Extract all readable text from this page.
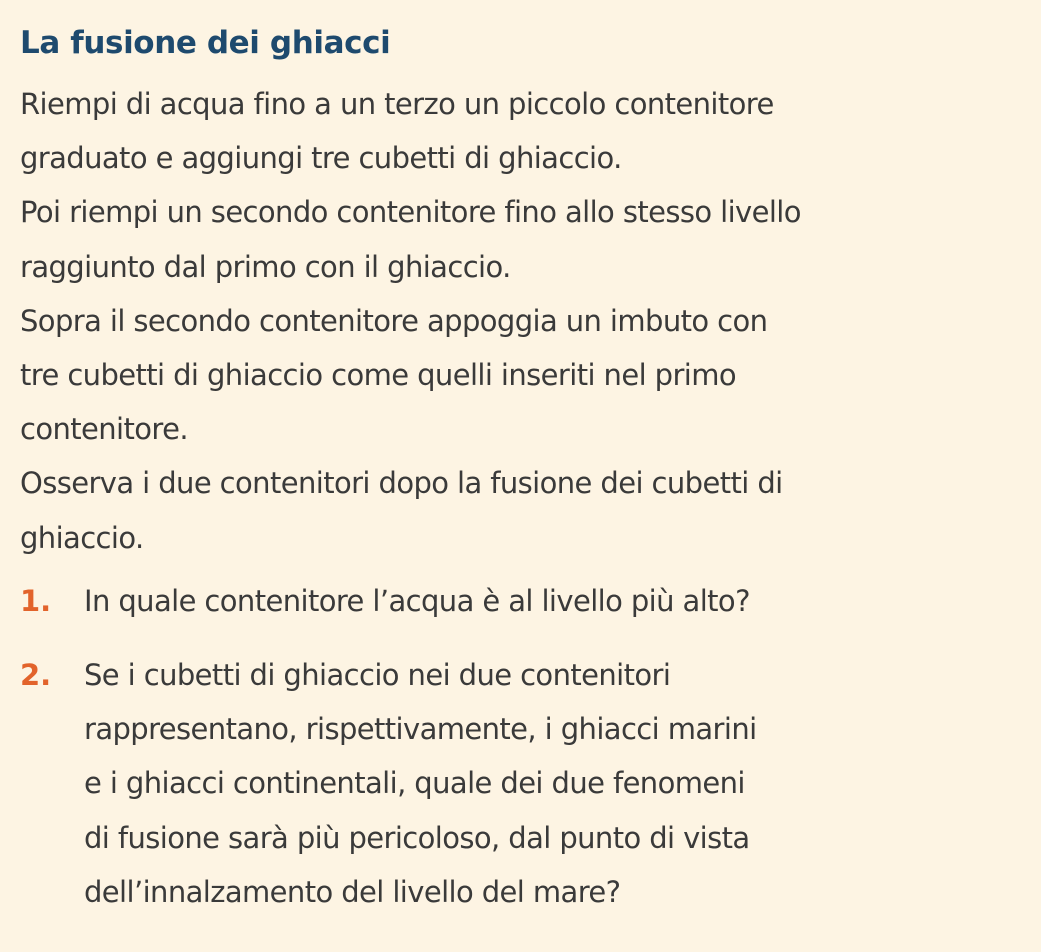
La fusione dei ghiacci
Riempi di acqua fino a un terzo un piccolo contenitore
graduato e aggiungi tre cubetti di ghiaccio.
Poi riempi un secondo contenitore fino allo stesso livello
raggiunto dal primo con il ghiaccio.
Sopra il secondo contenitore appoggia un imbuto con
tre cubetti di ghiaccio come quelli inseriti nel primo
contenitore.
Osserva i due contenitori dopo la fusione dei cubetti di
ghiaccio.
1. In quale contenitore l’acqua è al livello più alto?
2. Se i cubetti di ghiaccio nei due contenitori
rappresentano, rispettivamente, i ghiacci marini
e i ghiacci continentali, quale dei due fenomeni
di fusione sarà più pericoloso, dal punto di vista
dell’innalzamento del livello del mare?
